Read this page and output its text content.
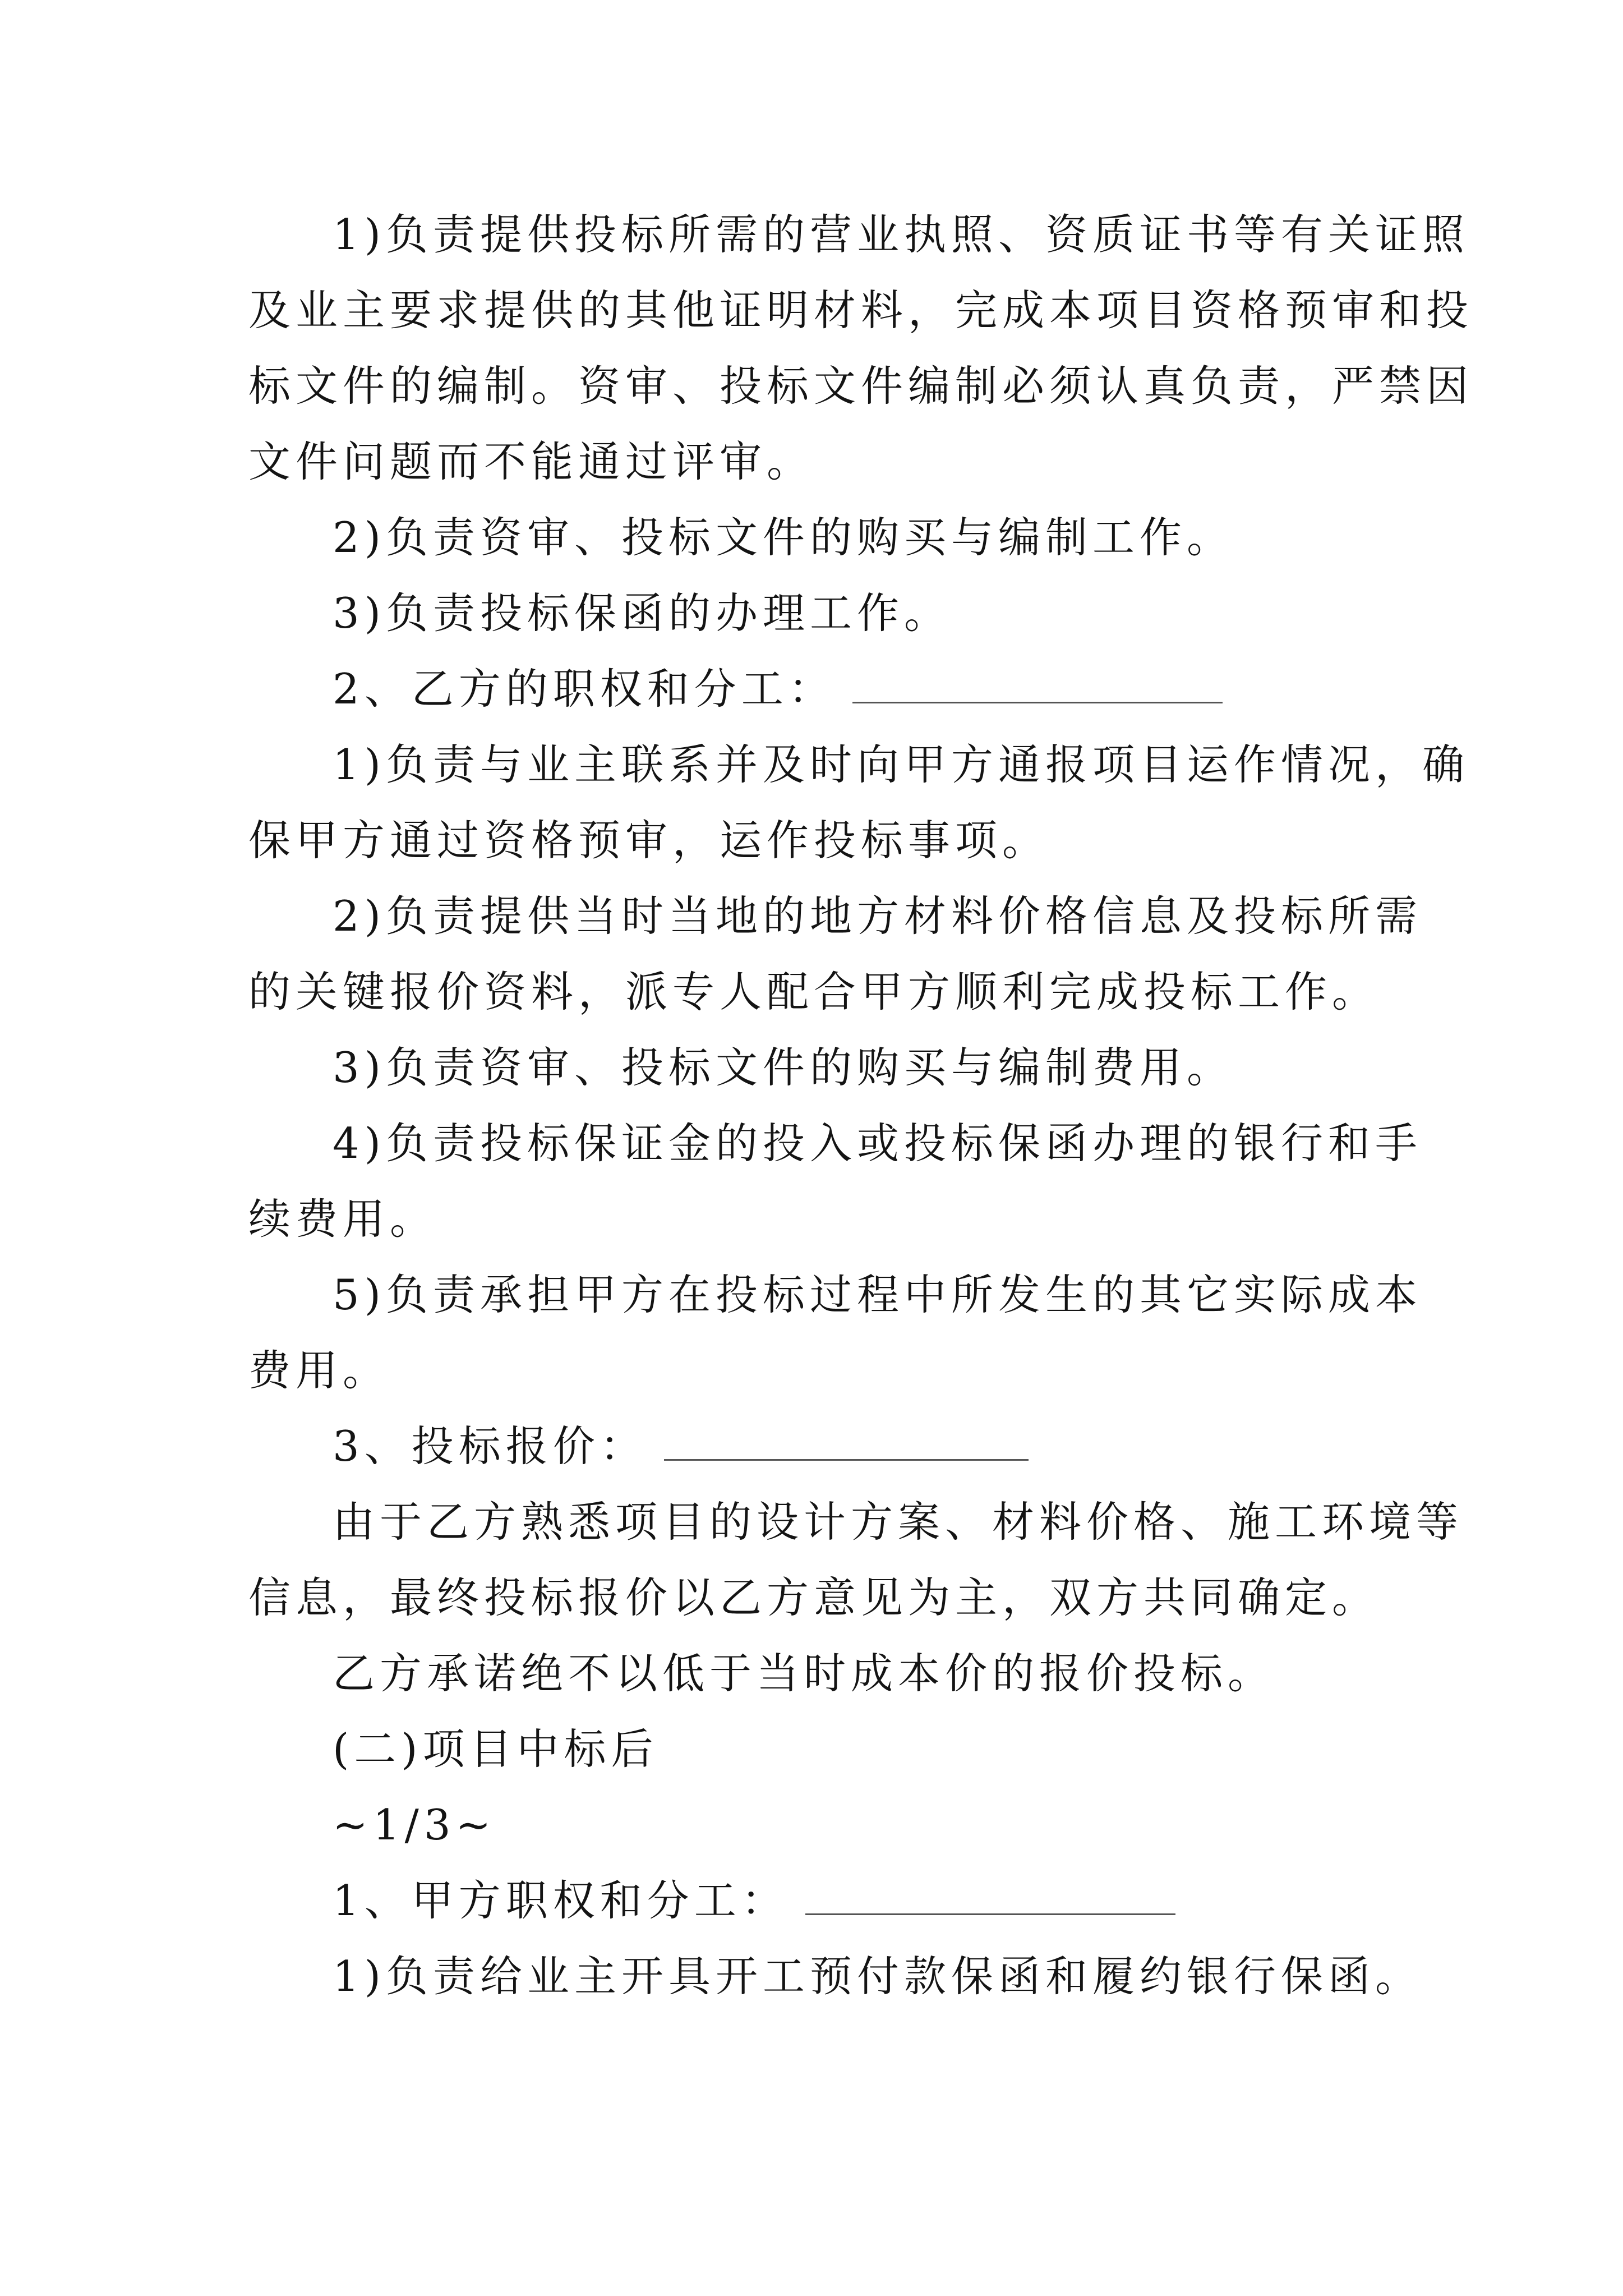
1)负责提供投标所需的营业执照、资质证书等有关证照
及业主要求提供的其他证明材料，完成本项目资格预审和投
标文件的编制。资审、投标文件编制必须认真负责，严禁因
文件问题而不能通过评审。
2)负责资审、投标文件的购买与编制工作。
3)负责投标保函的办理工作。
2、乙方的职权和分工：
1)负责与业主联系并及时向甲方通报项目运作情况，确
保甲方通过资格预审，运作投标事项。
2)负责提供当时当地的地方材料价格信息及投标所需
的关键报价资料，派专人配合甲方顺利完成投标工作。
3)负责资审、投标文件的购买与编制费用。
4)负责投标保证金的投入或投标保函办理的银行和手
续费用。
5)负责承担甲方在投标过程中所发生的其它实际成本
费用。
3、投标报价：
由于乙方熟悉项目的设计方案、材料价格、施工环境等
信息，最终投标报价以乙方意见为主，双方共同确定。
乙方承诺绝不以低于当时成本价的报价投标。
(二)项目中标后
~1/3~
1、甲方职权和分工：
1)负责给业主开具开工预付款保函和履约银行保函。
